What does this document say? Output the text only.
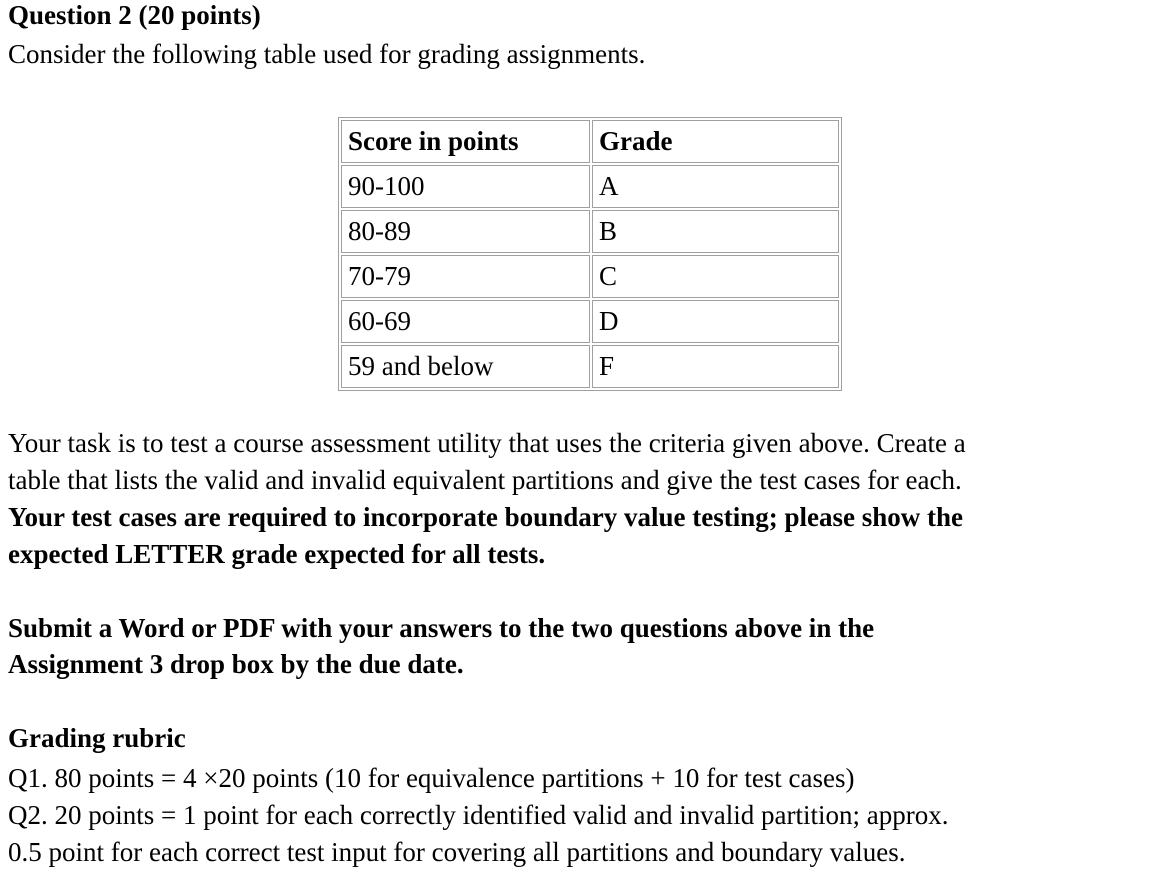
Question 2 (20 points)
Consider the following table used for grading assignments.
Score in points	Grade
90-100	A
80-89	B
70-79	C
60-69	D
59 and below	F
Your task is to test a course assessment utility that uses the criteria given above. Create a
table that lists the valid and invalid equivalent partitions and give the test cases for each.
Your test cases are required to incorporate boundary value testing; please show the
expected LETTER grade expected for all tests.
Submit a Word or PDF with your answers to the two questions above in the
Assignment 3 drop box by the due date.
Grading rubric
Q1. 80 points = 4 ×20 points (10 for equivalence partitions + 10 for test cases)
Q2. 20 points = 1 point for each correctly identified valid and invalid partition; approx.
0.5 point for each correct test input for covering all partitions and boundary values.
